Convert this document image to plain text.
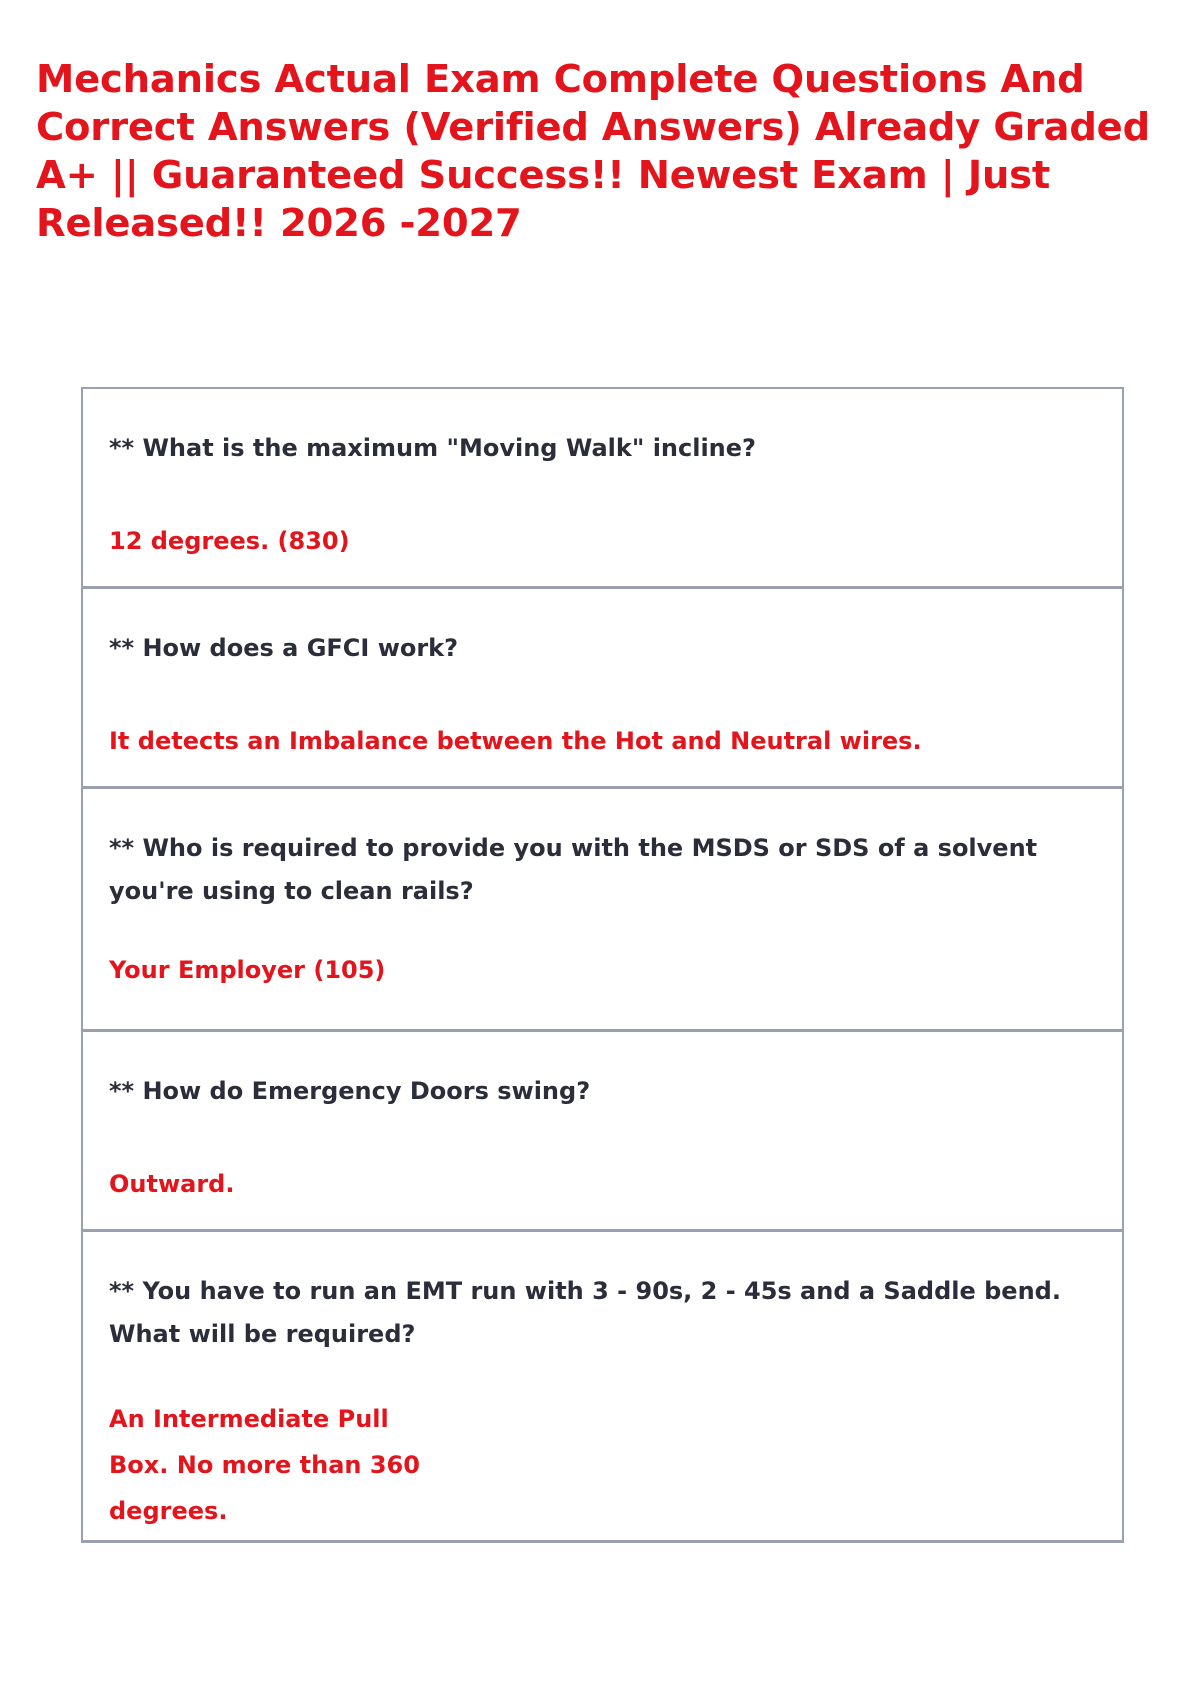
Mechanics Actual Exam Complete Questions And Correct Answers (Verified Answers) Already Graded A+ || Guaranteed Success!! Newest Exam | Just Released!! 2026 -2027

** What is the maximum "Moving Walk" incline?

12 degrees. (830)

** How does a GFCI work?

It detects an Imbalance between the Hot and Neutral wires.

** Who is required to provide you with the MSDS or SDS of a solvent you're using to clean rails?

Your Employer (105)

** How do Emergency Doors swing?

Outward.

** You have to run an EMT run with 3 - 90s, 2 - 45s and a Saddle bend. What will be required?

An Intermediate Pull Box. No more than 360 degrees.
